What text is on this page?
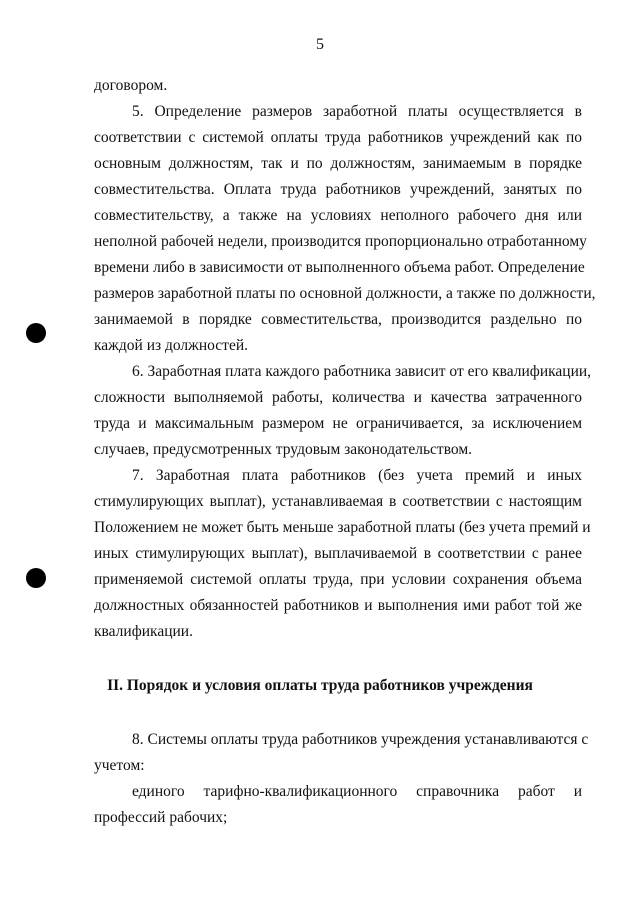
5
договором.
5. Определение размеров заработной платы осуществляется в
соответствии с системой оплаты труда работников учреждений как по
основным должностям, так и по должностям, занимаемым в порядке
совместительства. Оплата труда работников учреждений, занятых по
совместительству, а также на условиях неполного рабочего дня или
неполной рабочей недели, производится пропорционально отработанному
времени либо в зависимости от выполненного объема работ. Определение
размеров заработной платы по основной должности, а также по должности,
занимаемой в порядке совместительства, производится раздельно по
каждой из должностей.
6. Заработная плата каждого работника зависит от его квалификации,
сложности выполняемой работы, количества и качества затраченного
труда и максимальным размером не ограничивается, за исключением
случаев, предусмотренных трудовым законодательством.
7. Заработная плата работников (без учета премий и иных
стимулирующих выплат), устанавливаемая в соответствии с настоящим
Положением не может быть меньше заработной платы (без учета премий и
иных стимулирующих выплат), выплачиваемой в соответствии с ранее
применяемой системой оплаты труда, при условии сохранения объема
должностных обязанностей работников и выполнения ими работ той же
квалификации.
II. Порядок и условия оплаты труда работников учреждения
8. Системы оплаты труда работников учреждения устанавливаются с
учетом:
единого тарифно-квалификационного справочника работ и
профессий рабочих;
